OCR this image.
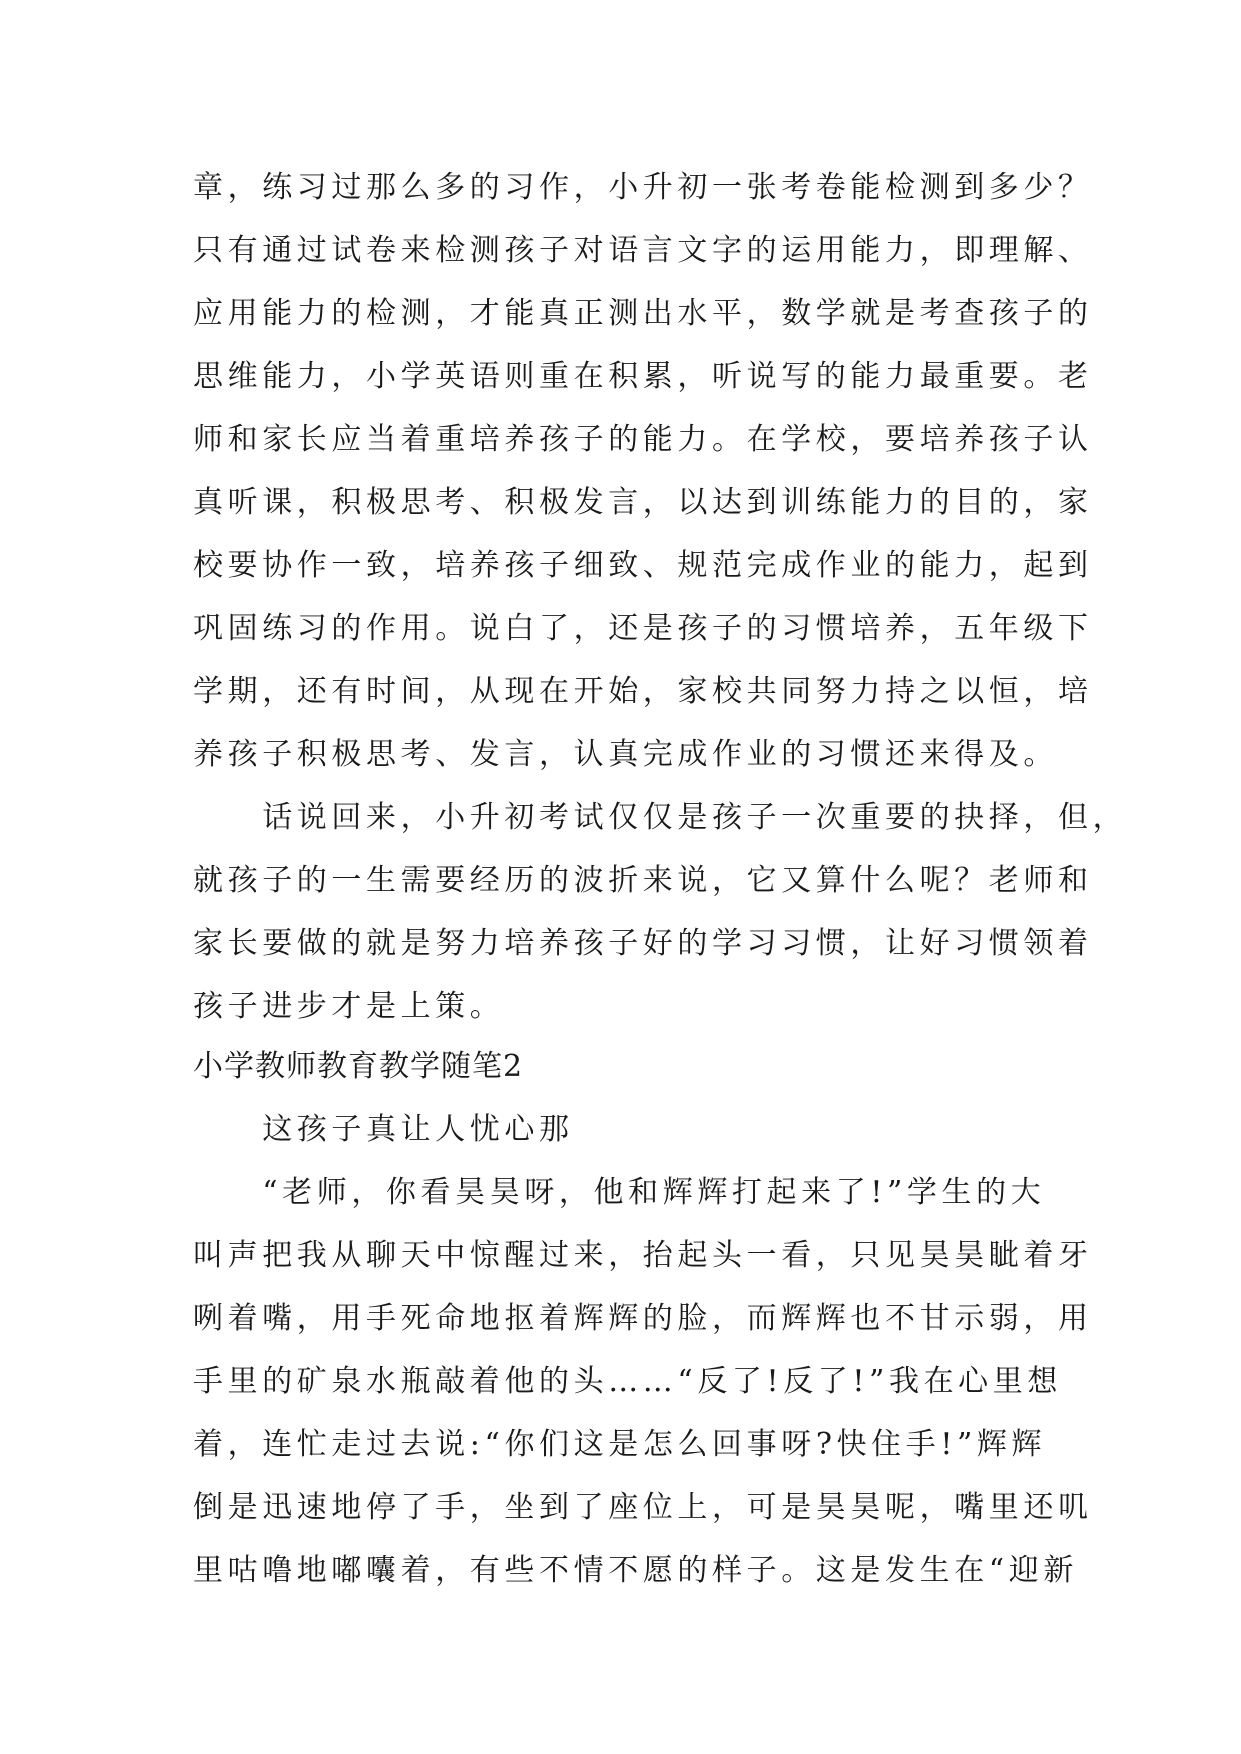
章，练习过那么多的习作，小升初一张考卷能检测到多少？
只有通过试卷来检测孩子对语言文字的运用能力，即理解、
应用能力的检测，才能真正测出水平，数学就是考查孩子的
思维能力，小学英语则重在积累，听说写的能力最重要。老
师和家长应当着重培养孩子的能力。在学校，要培养孩子认
真听课，积极思考、积极发言，以达到训练能力的目的，家
校要协作一致，培养孩子细致、规范完成作业的能力，起到
巩固练习的作用。说白了，还是孩子的习惯培养，五年级下
学期，还有时间，从现在开始，家校共同努力持之以恒，培
养孩子积极思考、发言，认真完成作业的习惯还来得及。
　　话说回来，小升初考试仅仅是孩子一次重要的抉择，但，
就孩子的一生需要经历的波折来说，它又算什么呢？老师和
家长要做的就是努力培养孩子好的学习习惯，让好习惯领着
孩子进步才是上策。
小学教师教育教学随笔2
　　这孩子真让人忧心那
　　“老师，你看昊昊呀，他和辉辉打起来了!”学生的大
叫声把我从聊天中惊醒过来，抬起头一看，只见昊昊眦着牙
咧着嘴，用手死命地抠着辉辉的脸，而辉辉也不甘示弱，用
手里的矿泉水瓶敲着他的头……“反了!反了!”我在心里想
着，连忙走过去说:“你们这是怎么回事呀?快住手!”辉辉
倒是迅速地停了手，坐到了座位上，可是昊昊呢，嘴里还叽
里咕噜地嘟囔着，有些不情不愿的样子。这是发生在“迎新
